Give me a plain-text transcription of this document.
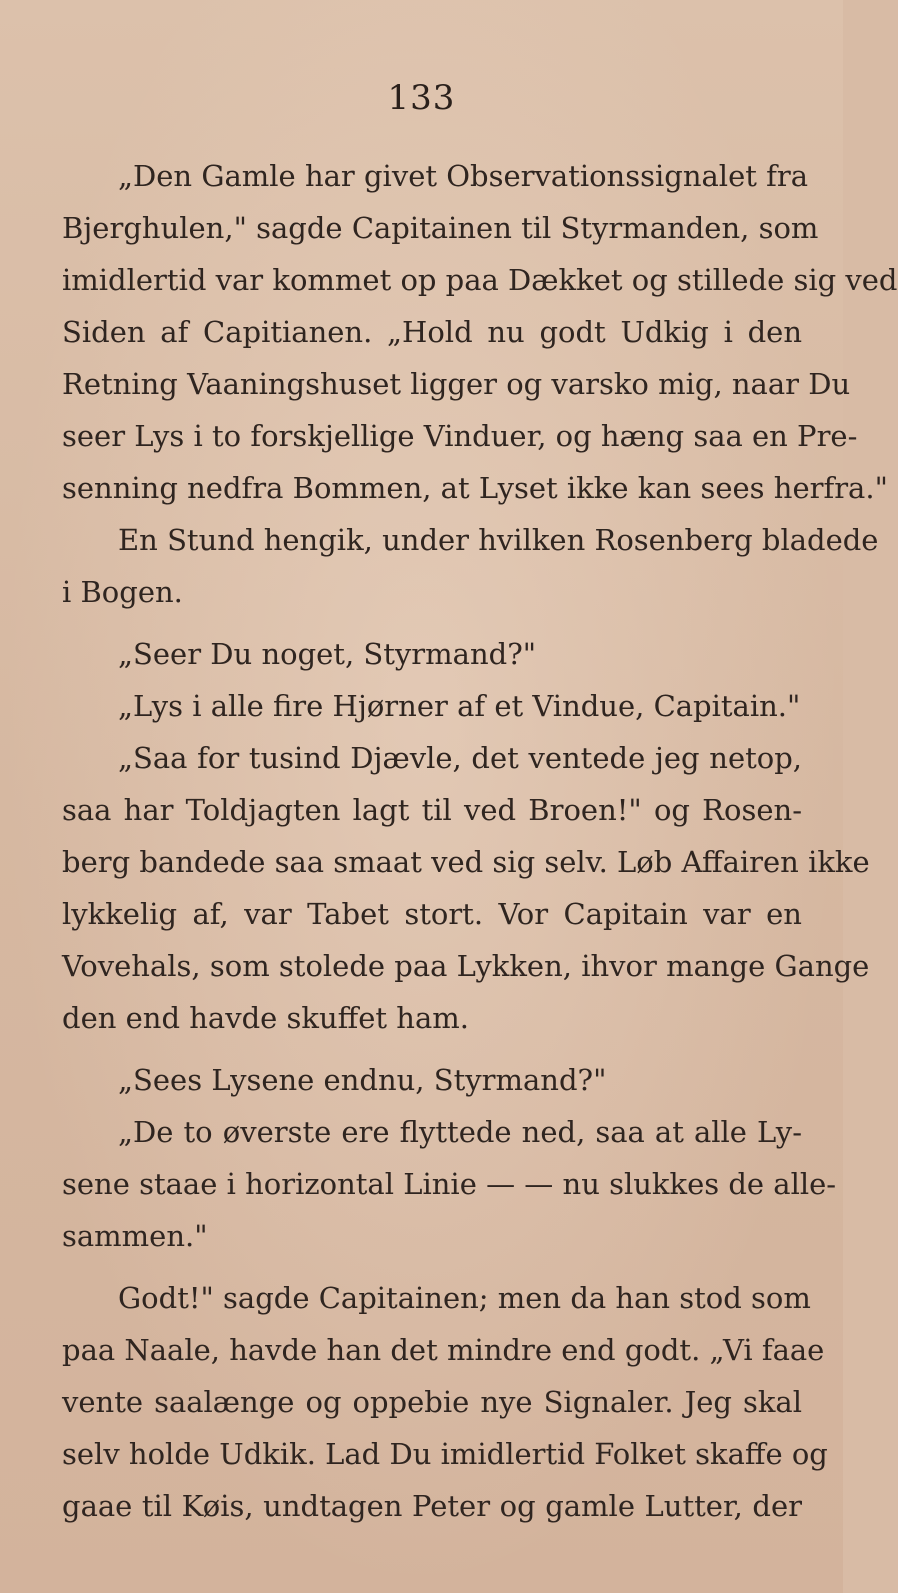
133
„Den Gamle har givet Observationssignalet fra
Bjerghulen," sagde Capitainen til Styrmanden, som
imidlertid var kommet op paa Dækket og stillede sig ved
Siden af Capitianen. „Hold nu godt Udkig i den
Retning Vaaningshuset ligger og varsko mig, naar Du
seer Lys i to forskjellige Vinduer, og hæng saa en Pre-
senning nedfra Bommen, at Lyset ikke kan sees herfra."
En Stund hengik, under hvilken Rosenberg bladede
i Bogen.
„Seer Du noget, Styrmand?"
„Lys i alle fire Hjørner af et Vindue, Capitain."
„Saa for tusind Djævle, det ventede jeg netop,
saa har Toldjagten lagt til ved Broen!" og Rosen-
berg bandede saa smaat ved sig selv. Løb Affairen ikke
lykkelig af, var Tabet stort. Vor Capitain var en
Vovehals, som stolede paa Lykken, ihvor mange Gange
den end havde skuffet ham.
„Sees Lysene endnu, Styrmand?"
„De to øverste ere flyttede ned, saa at alle Ly-
sene staae i horizontal Linie — — nu slukkes de alle-
sammen."
Godt!" sagde Capitainen; men da han stod som
paa Naale, havde han det mindre end godt. „Vi faae
vente saalænge og oppebie nye Signaler. Jeg skal
selv holde Udkik. Lad Du imidlertid Folket skaffe og
gaae til Køis, undtagen Peter og gamle Lutter, der
